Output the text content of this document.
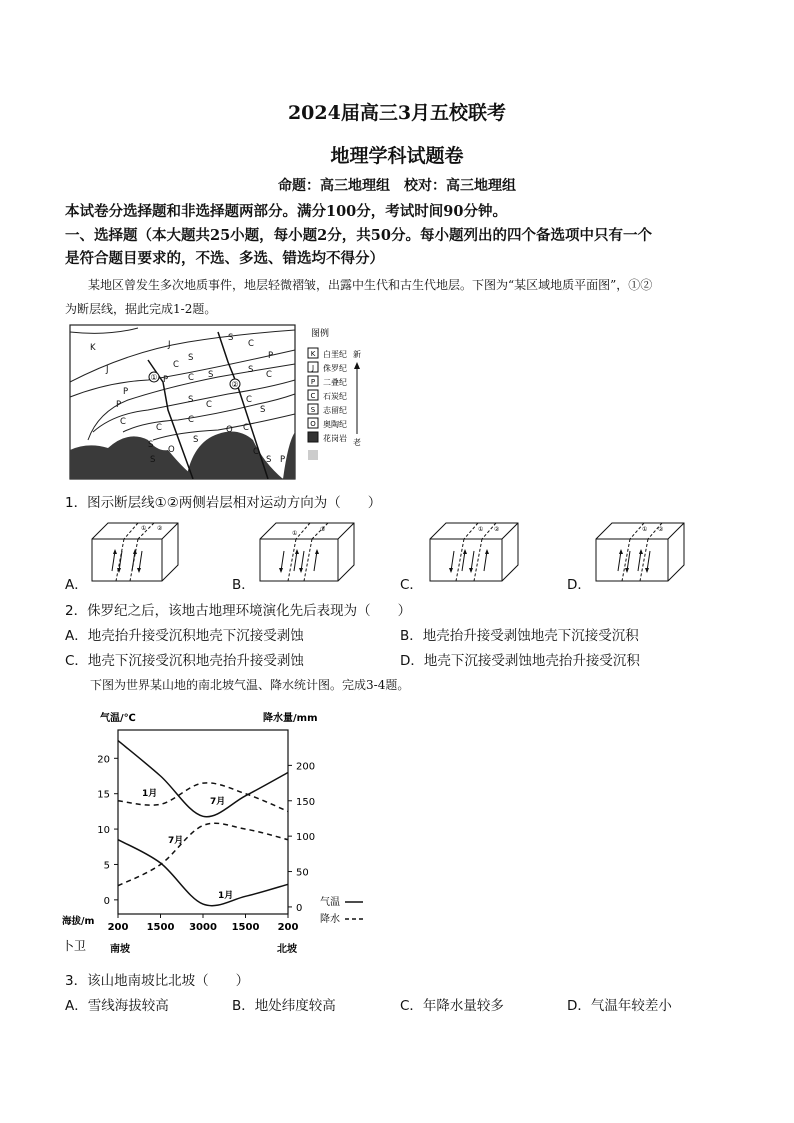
2024届高三3月五校联考
地理学科试题卷
命题：高三地理组　校对：高三地理组
本试卷分选择题和非选择题两部分。满分100分，考试时间90分钟。
一、选择题（本大题共25小题，每小题2分，共50分。每小题列出的四个备选项中只有一个
是符合题目要求的，不选、多选、错选均不得分）
某地区曾发生多次地质事件，地层轻微褶皱，出露中生代和古生代地层。下图为“某区域地质平面图”，①②
为断层线，据此完成1-2题。
①
②
K
J
P
P
C
J
S
C
P C S
S C
C
C
S
S
O
S
O
S
C
P
S C
S
C
C
C
S P
图例
K 白垩纪
J 侏罗纪
P 二叠纪
C 石炭纪
S 志留纪
O 奥陶纪
花岗岩
新
老
1．图示断层线①②两侧岩层相对运动方向为（　　）
A．	B．	C．	D．
① ②
①
②	① ②	① ②
2．侏罗纪之后，该地古地理环境演化先后表现为（　　）
A．地壳抬升接受沉积地壳下沉接受剥蚀	B．地壳抬升接受剥蚀地壳下沉接受沉积
C．地壳下沉接受沉积地壳抬升接受剥蚀	D．地壳下沉接受剥蚀地壳抬升接受沉积
下图为世界某山地的南北坡气温、降水统计图。完成3-4题。
气温/℃	降水量/mm
0
5
10
15
20
0
50
100
150
200
200 1500 3000 1500 200
海拔/m
南坡	北坡
卜卫
气温
降水
1月
7月
7月
1月
3．该山地南坡比北坡（　　）
A．雪线海拔较高	B．地处纬度较高	C．年降水量较多	D．气温年较差小
